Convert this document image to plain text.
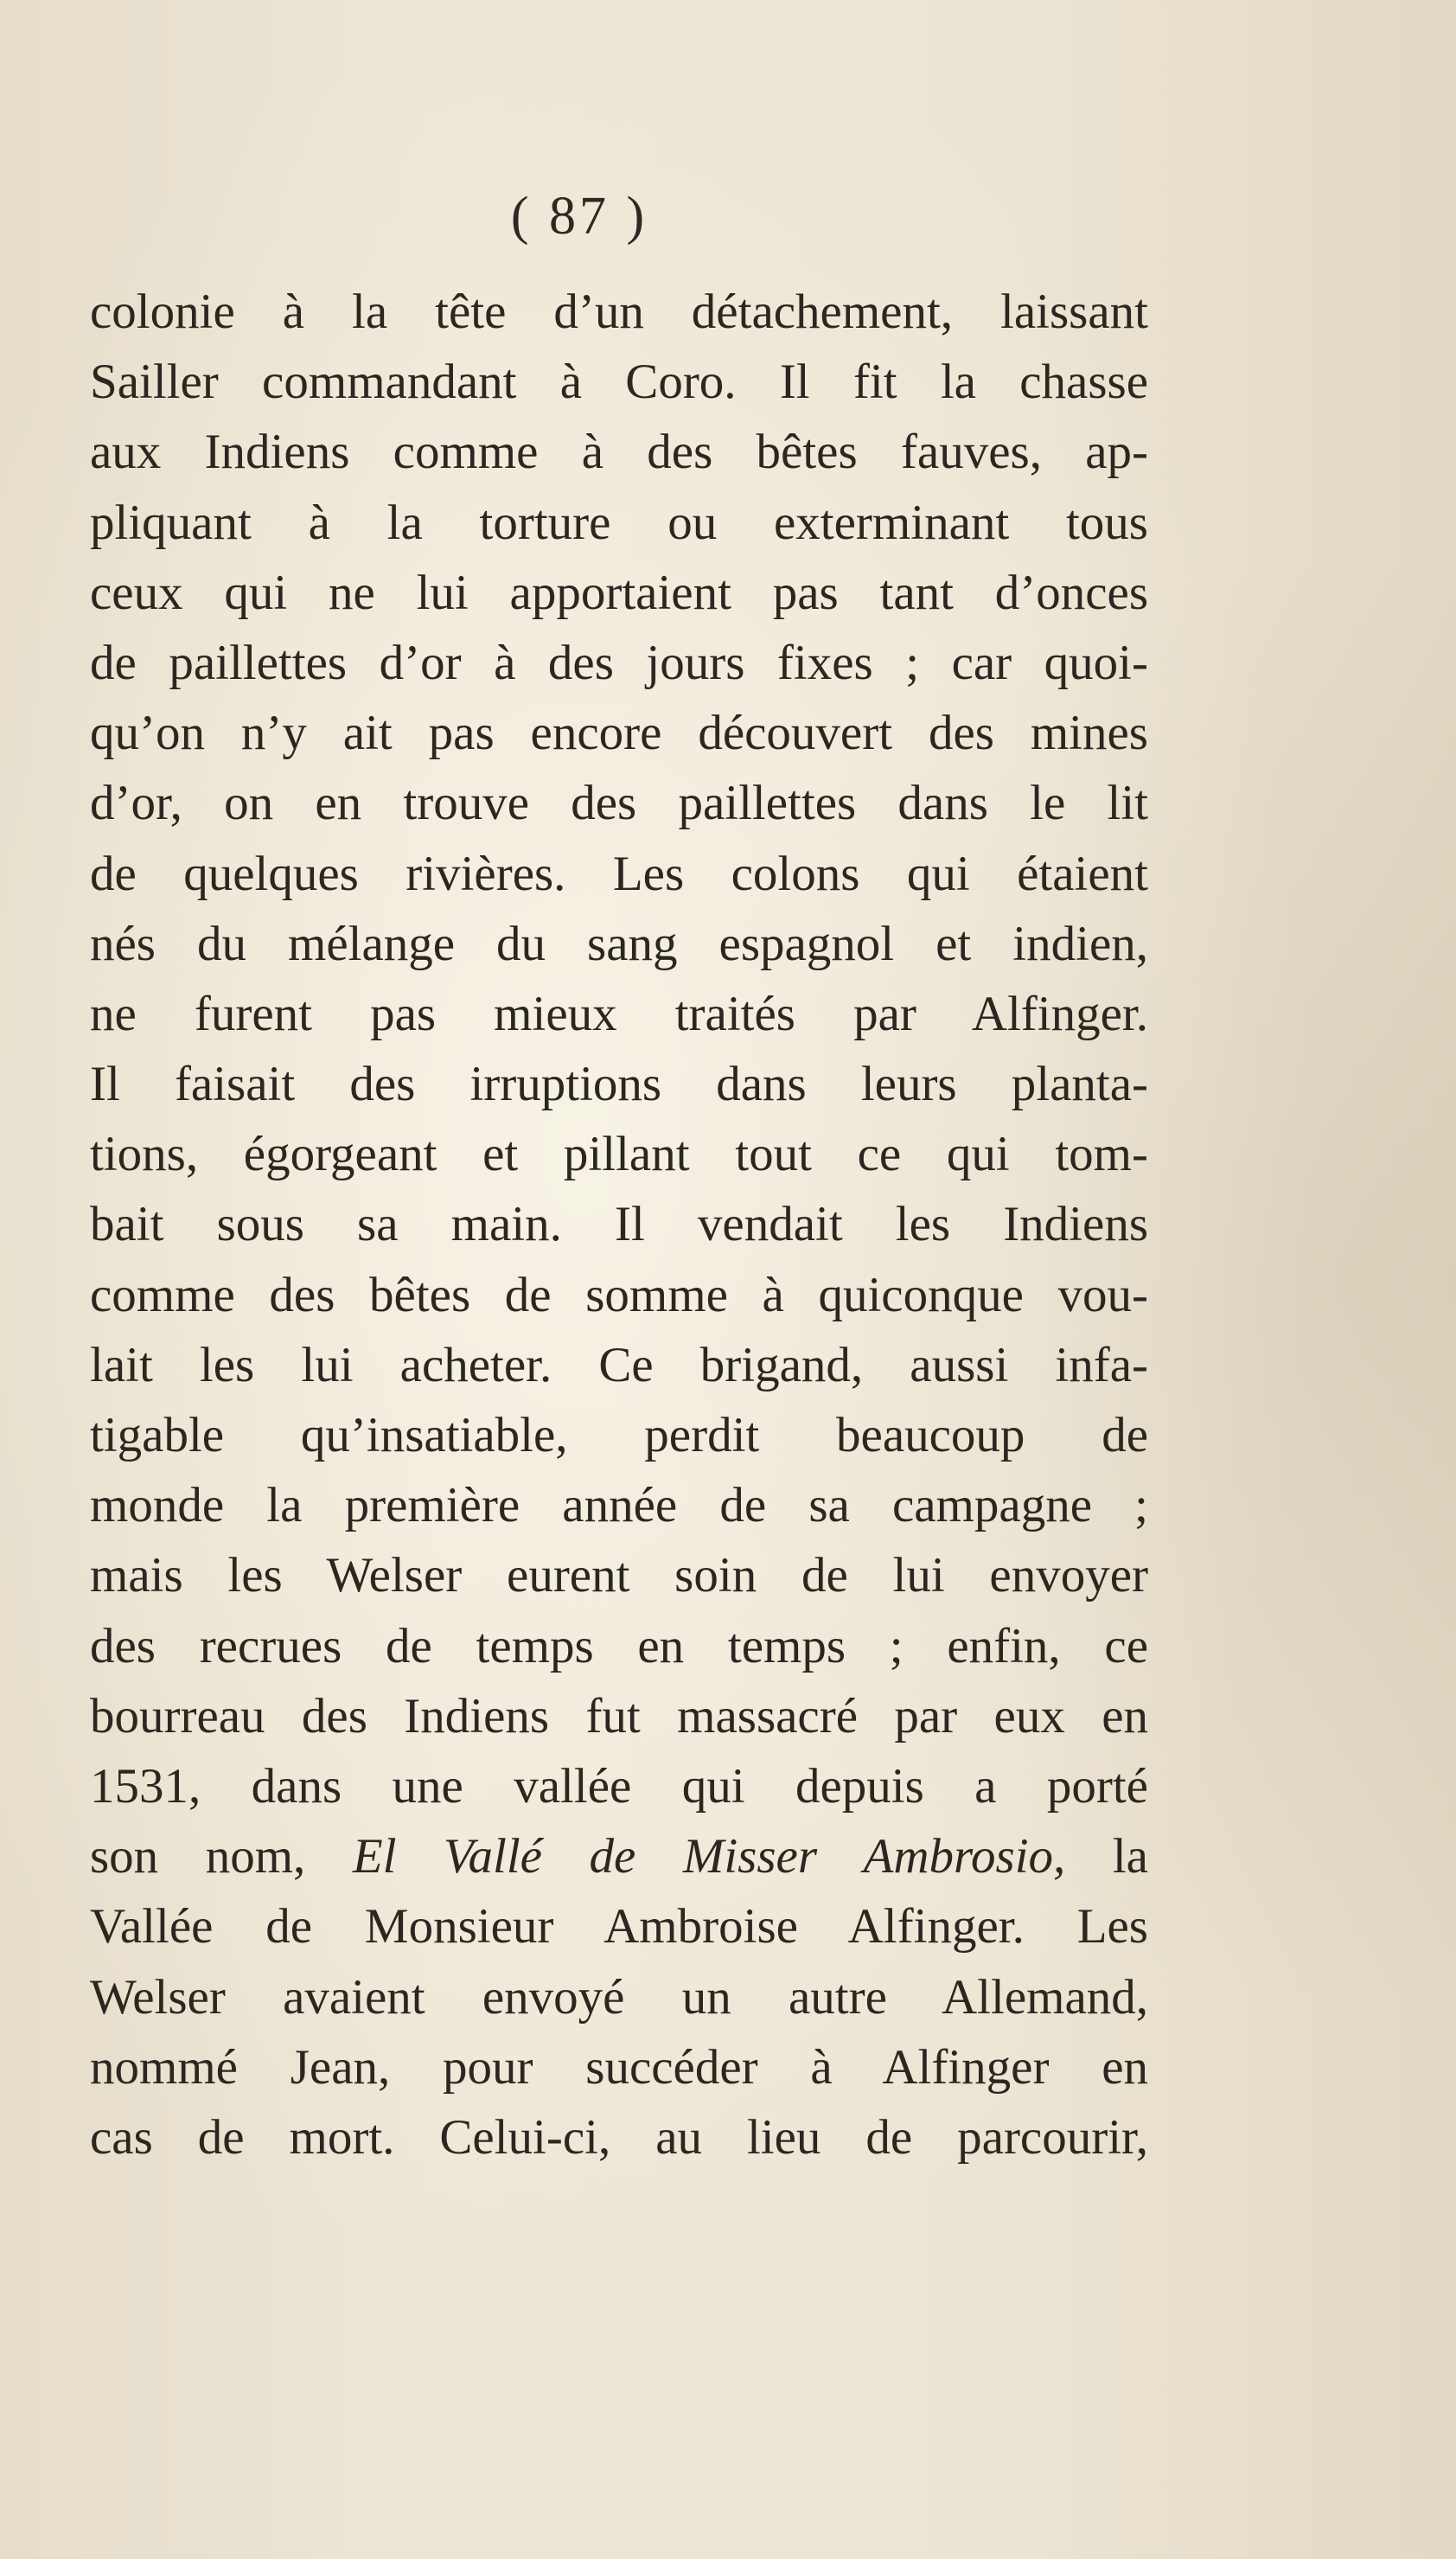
( 87 )
colonie à la tête d’un détachement, laissant
Sailler commandant à Coro. Il fit la chasse
aux Indiens comme à des bêtes fauves, ap-
pliquant à la torture ou exterminant tous
ceux qui ne lui apportaient pas tant d’onces
de paillettes d’or à des jours fixes ; car quoi-
qu’on n’y ait pas encore découvert des mines
d’or, on en trouve des paillettes dans le lit
de quelques rivières. Les colons qui étaient
nés du mélange du sang espagnol et indien,
ne furent pas mieux traités par Alfinger.
Il faisait des irruptions dans leurs planta-
tions, égorgeant et pillant tout ce qui tom-
bait sous sa main. Il vendait les Indiens
comme des bêtes de somme à quiconque vou-
lait les lui acheter. Ce brigand, aussi infa-
tigable qu’insatiable, perdit beaucoup de
monde la première année de sa campagne ;
mais les Welser eurent soin de lui envoyer
des recrues de temps en temps ; enfin, ce
bourreau des Indiens fut massacré par eux en
1531, dans une vallée qui depuis a porté
son nom, El Vallé de Misser Ambrosio, la
Vallée de Monsieur Ambroise Alfinger. Les
Welser avaient envoyé un autre Allemand,
nommé Jean, pour succéder à Alfinger en
cas de mort. Celui-ci, au lieu de parcourir,
